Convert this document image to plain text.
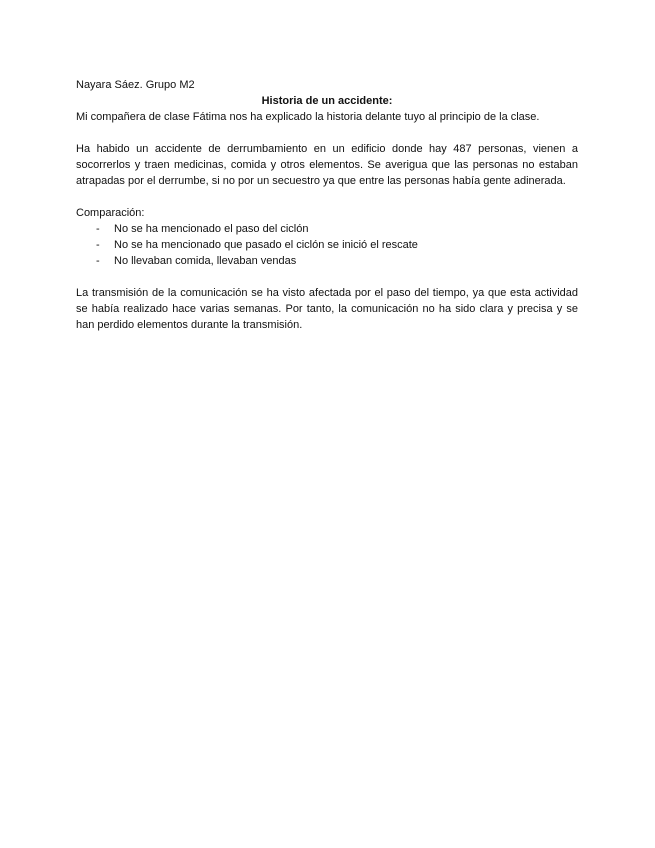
Nayara Sáez. Grupo M2

Historia de un accidente:

Mi compañera de clase Fátima nos ha explicado la historia delante tuyo al principio de la clase.

Ha habido un accidente de derrumbamiento en un edificio donde hay 487 personas, vienen a socorrerlos y traen medicinas, comida y otros elementos. Se averigua que las personas no estaban atrapadas por el derrumbe, si no por un secuestro ya que entre las personas había gente adinerada.

Comparación:

- No se ha mencionado el paso del ciclón
- No se ha mencionado que pasado el ciclón se inició el rescate
- No llevaban comida, llevaban vendas

La transmisión de la comunicación se ha visto afectada por el paso del tiempo, ya que esta actividad se había realizado hace varias semanas. Por tanto, la comunicación no ha sido clara y precisa y se han perdido elementos durante la transmisión.
